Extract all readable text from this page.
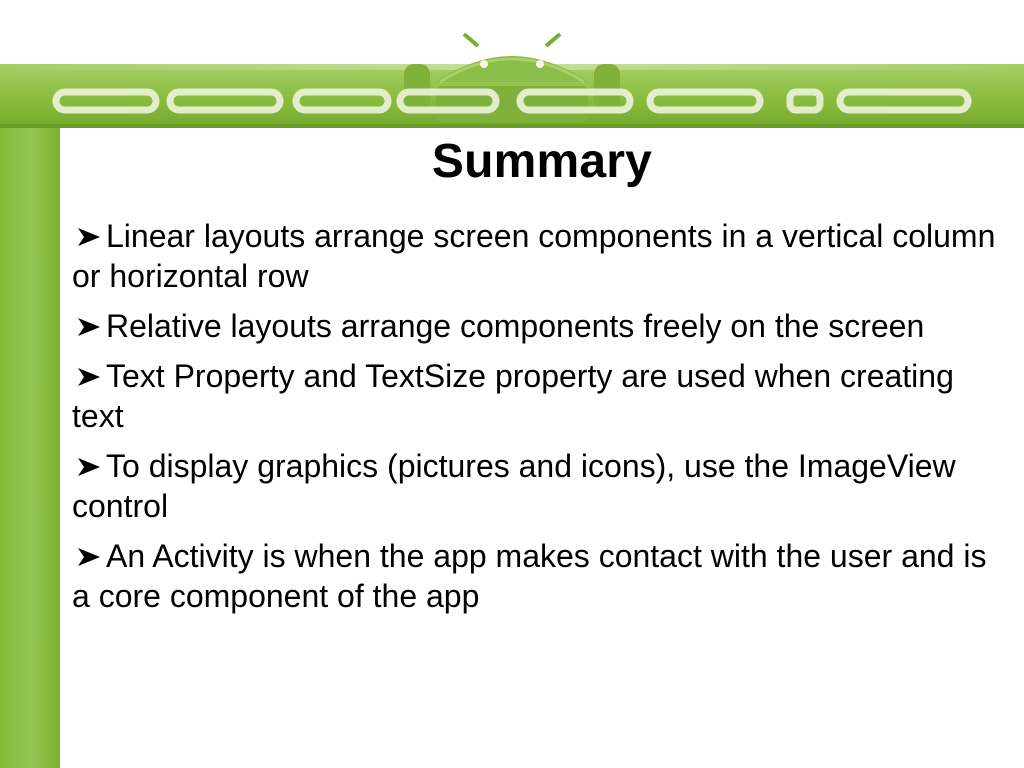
Summary
Linear layouts arrange screen components in a vertical column or horizontal row
Relative layouts arrange components freely on the screen
Text Property and TextSize property are used when creating text
To display graphics (pictures and icons), use the ImageView control
An Activity is when the app makes contact with the user and is a core component of the app
